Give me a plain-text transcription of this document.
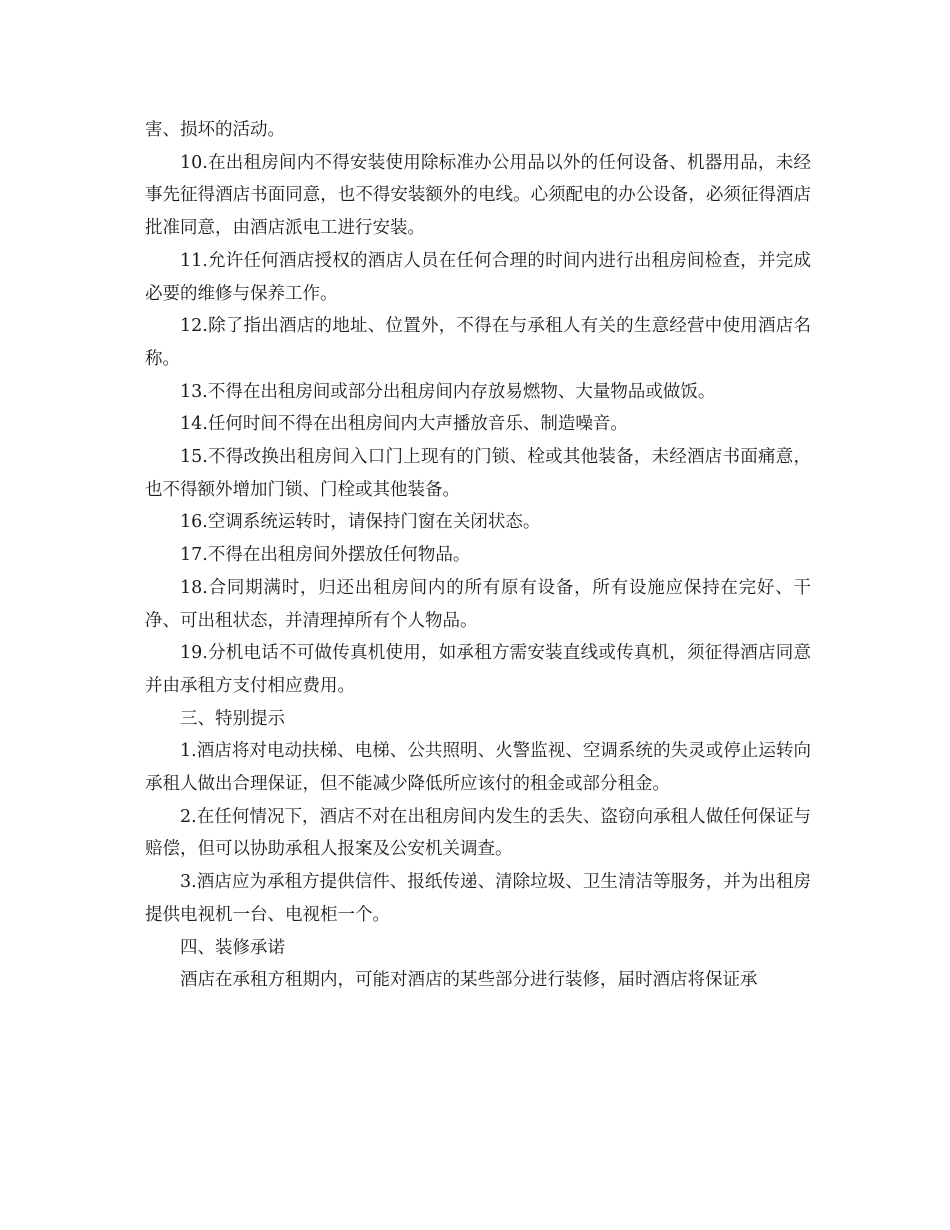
害、损坏的活动。

10.在出租房间内不得安装使用除标准办公用品以外的任何设备、机器用品，未经事先征得酒店书面同意，也不得安装额外的电线。心须配电的办公设备，必须征得酒店批准同意，由酒店派电工进行安装。

11.允许任何酒店授权的酒店人员在任何合理的时间内进行出租房间检查，并完成必要的维修与保养工作。

12.除了指出酒店的地址、位置外，不得在与承租人有关的生意经营中使用酒店名称。

13.不得在出租房间或部分出租房间内存放易燃物、大量物品或做饭。

14.任何时间不得在出租房间内大声播放音乐、制造噪音。

15.不得改换出租房间入口门上现有的门锁、栓或其他装备，未经酒店书面痛意，也不得额外增加门锁、门栓或其他装备。

16.空调系统运转时，请保持门窗在关闭状态。

17.不得在出租房间外摆放任何物品。

18.合同期满时，归还出租房间内的所有原有设备，所有设施应保持在完好、干净、可出租状态，并清理掉所有个人物品。

19.分机电话不可做传真机使用，如承租方需安装直线或传真机，须征得酒店同意并由承租方支付相应费用。

三、特别提示

1.酒店将对电动扶梯、电梯、公共照明、火警监视、空调系统的失灵或停止运转向承租人做出合理保证，但不能减少降低所应该付的租金或部分租金。

2.在任何情况下，酒店不对在出租房间内发生的丢失、盗窃向承租人做任何保证与赔偿，但可以协助承租人报案及公安机关调查。

3.酒店应为承租方提供信件、报纸传递、清除垃圾、卫生清洁等服务，并为出租房提供电视机一台、电视柜一个。

四、装修承诺

酒店在承租方租期内，可能对酒店的某些部分进行装修，届时酒店将保证承
